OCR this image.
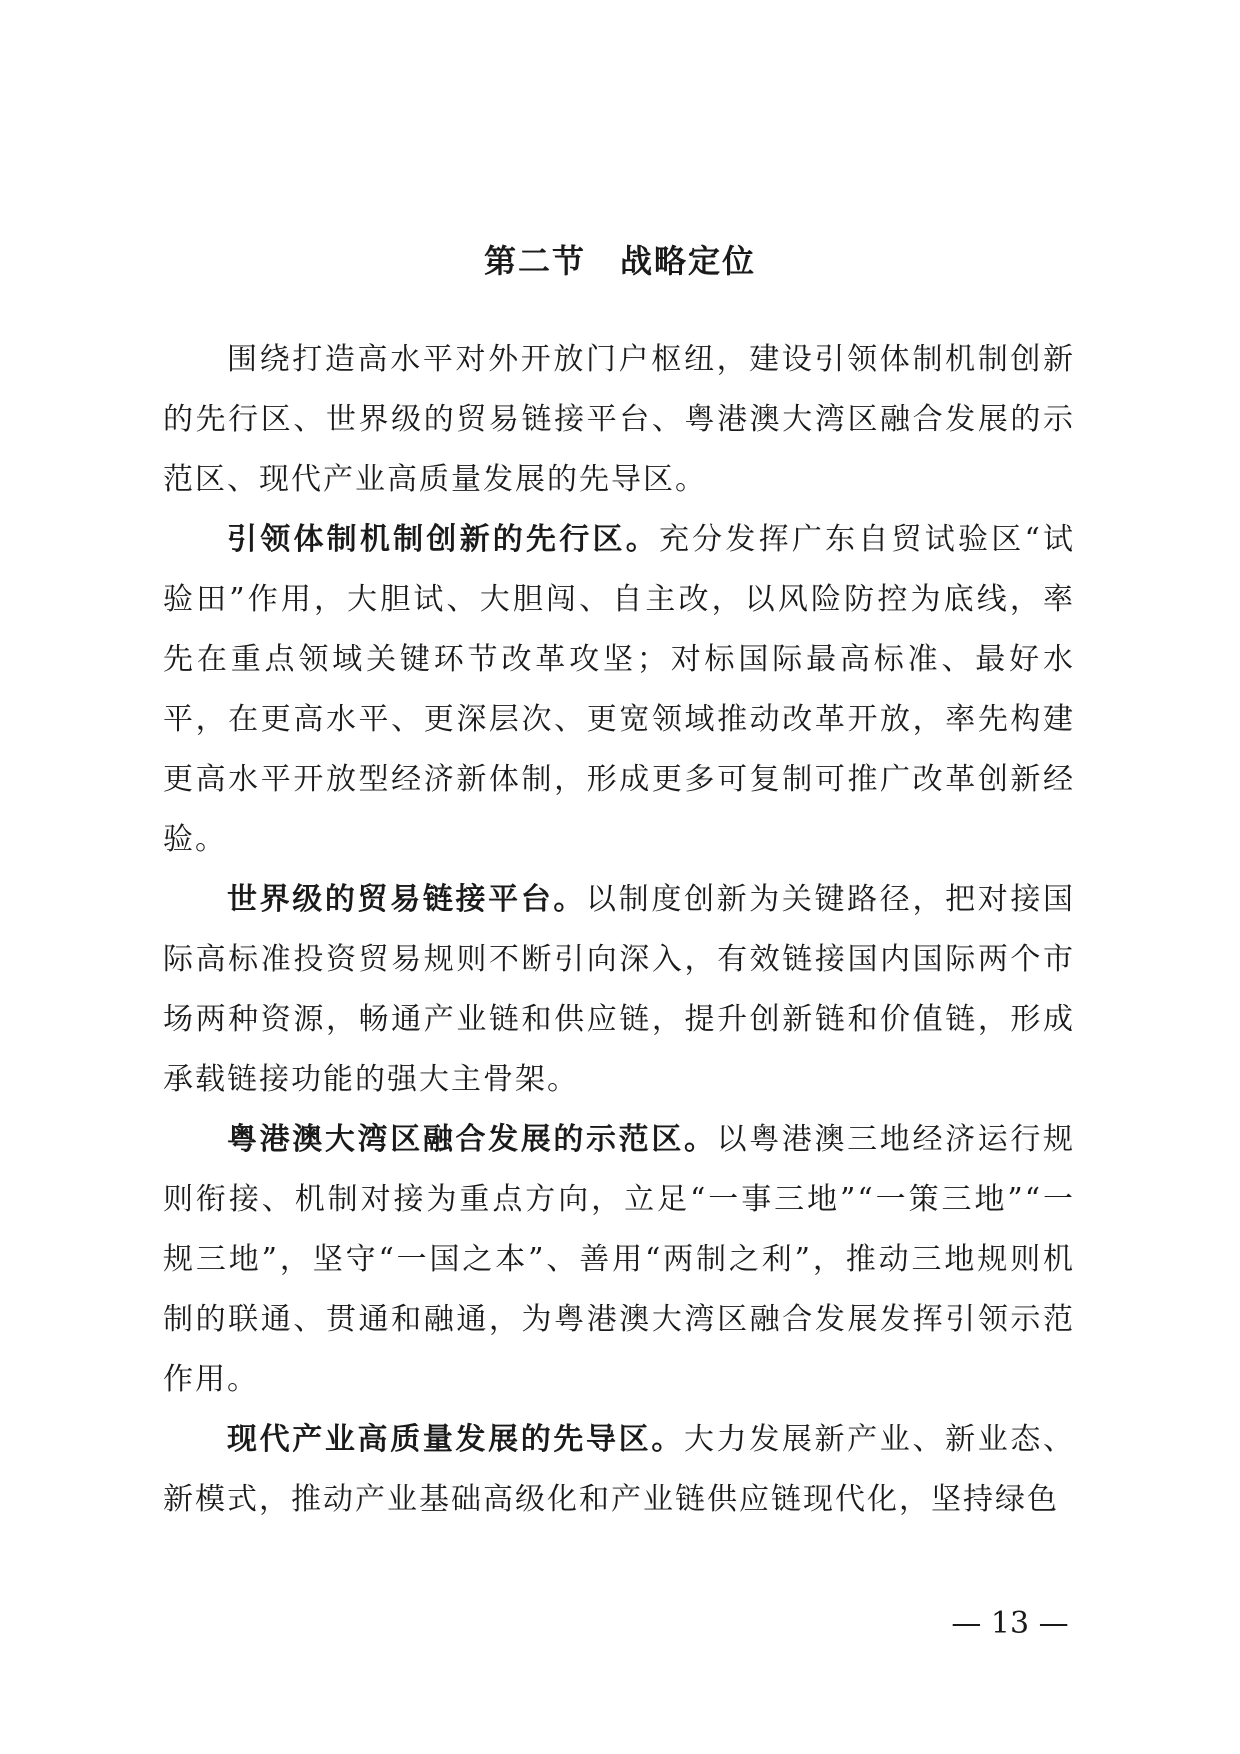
第二节　战略定位

围绕打造高水平对外开放门户枢纽，建设引领体制机制创新的先行区、世界级的贸易链接平台、粤港澳大湾区融合发展的示范区、现代产业高质量发展的先导区。

引领体制机制创新的先行区。充分发挥广东自贸试验区“试验田”作用，大胆试、大胆闯、自主改，以风险防控为底线，率先在重点领域关键环节改革攻坚；对标国际最高标准、最好水平，在更高水平、更深层次、更宽领域推动改革开放，率先构建更高水平开放型经济新体制，形成更多可复制可推广改革创新经验。

世界级的贸易链接平台。以制度创新为关键路径，把对接国际高标准投资贸易规则不断引向深入，有效链接国内国际两个市场两种资源，畅通产业链和供应链，提升创新链和价值链，形成承载链接功能的强大主骨架。

粤港澳大湾区融合发展的示范区。以粤港澳三地经济运行规则衔接、机制对接为重点方向，立足“一事三地”“一策三地”“一规三地”，坚守“一国之本”、善用“两制之利”，推动三地规则机制的联通、贯通和融通，为粤港澳大湾区融合发展发挥引领示范作用。

现代产业高质量发展的先导区。大力发展新产业、新业态、新模式，推动产业基础高级化和产业链供应链现代化，坚持绿色

— 13 —
